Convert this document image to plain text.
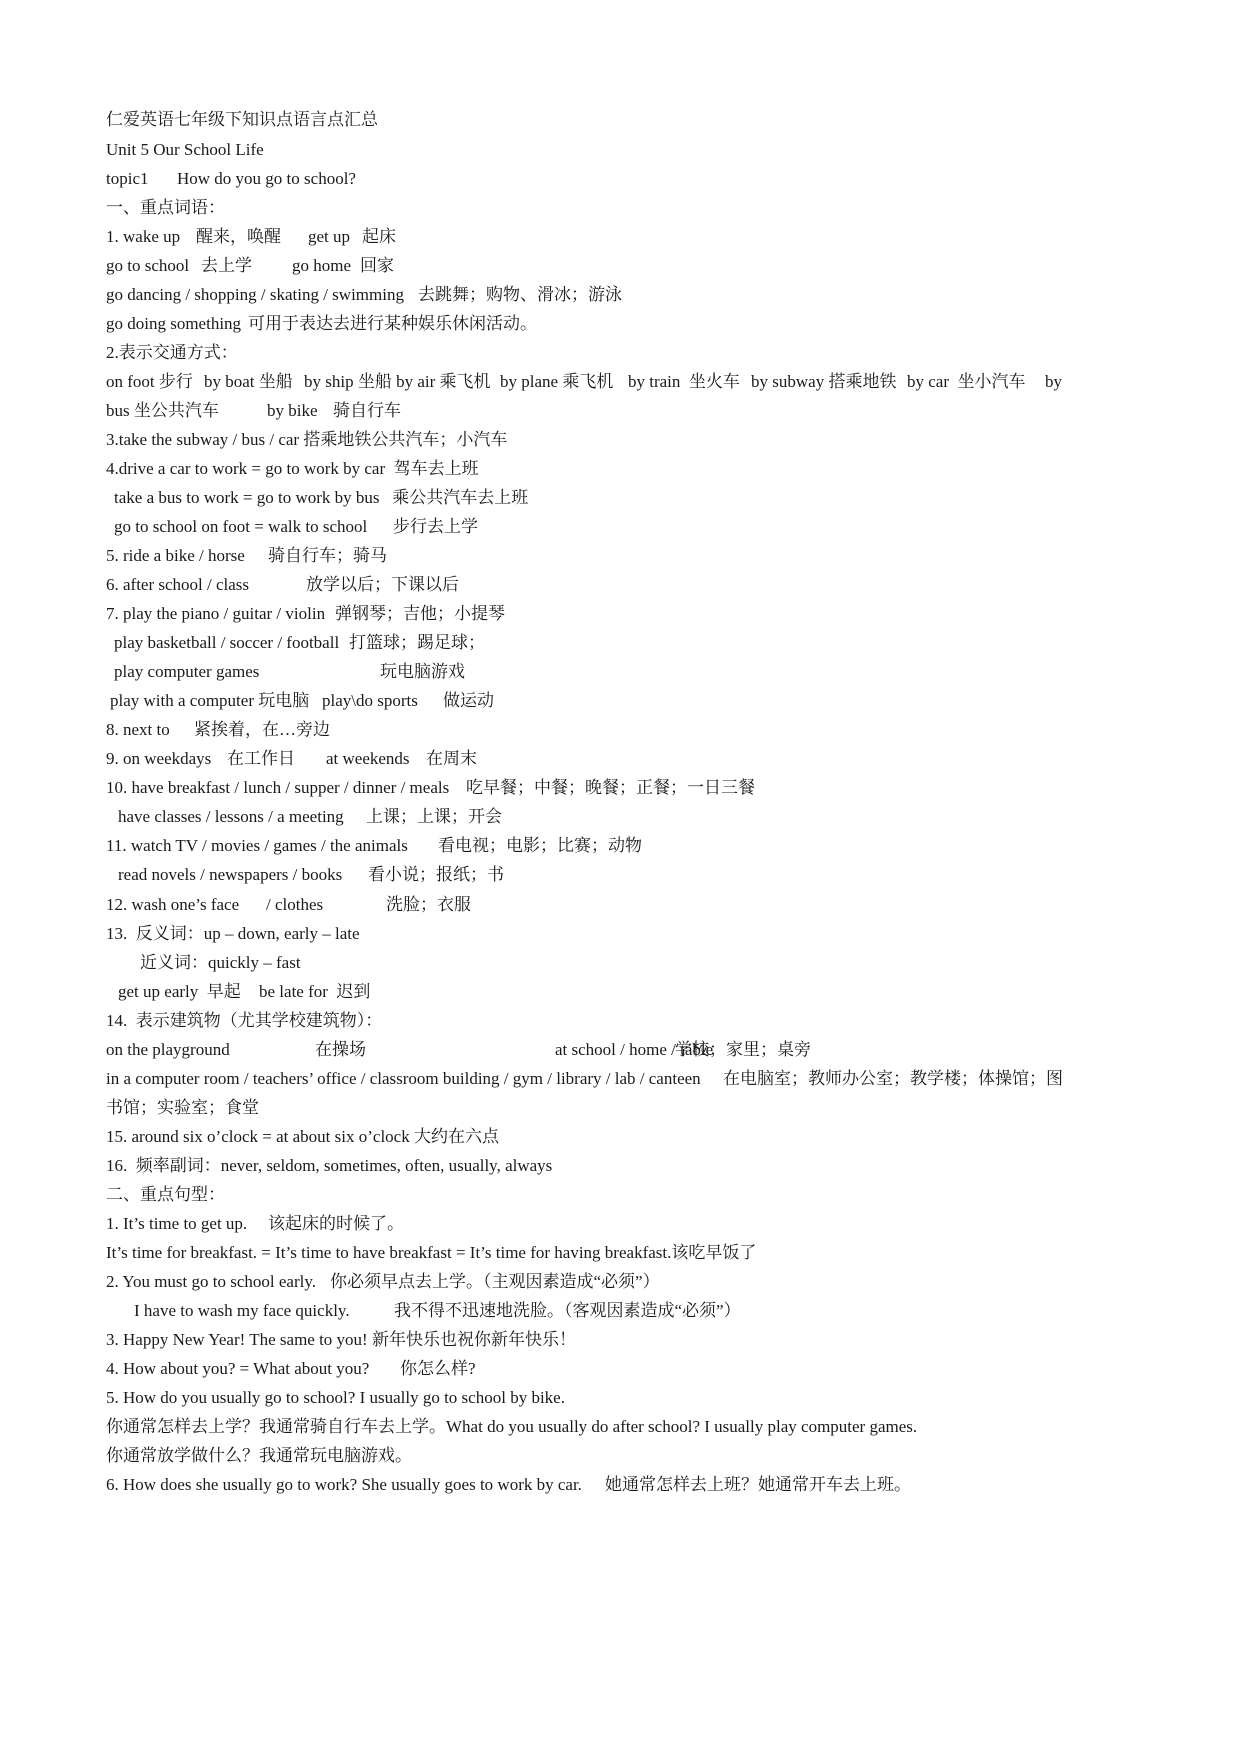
仁爱英语七年级下知识点语言点汇总
Unit 5 Our School Life
topic1 How do you go to school?
一、重点词语：
1. wake up 醒来，唤醒 get up 起床
go to school 去上学 go home 回家
go dancing / shopping / skating / swimming 去跳舞；购物、滑冰；游泳
go doing something 可用于表达去进行某种娱乐休闲活动。
2.表示交通方式：
on foot 步行 by boat 坐船 by ship 坐船 by air 乘飞机 by plane 乘飞机 by train  坐火车 by subway 搭乘地铁 by car  坐小汽车 by
bus 坐公共汽车	by bike 骑自行车
3.take the subway / bus / car 搭乘地铁公共汽车；小汽车
4.drive a car to work = go to work by car  驾车去上班
take a bus to work = go to work by bus   乘公共汽车去上班
go to school on foot = walk to school 步行去上学
5. ride a bike / horse 骑自行车；骑马
6. after school / class	放学以后；下课以后
7. play the piano / guitar / violin 弹钢琴；吉他；小提琴
play basketball / soccer / football 打篮球；踢足球；
play computer games	玩电脑游戏
play with a computer 玩电脑 play\do sports 做运动
8. next to 紧挨着，在…旁边
9. on weekdays 在工作日 at weekends 在周末
10. have breakfast / lunch / supper / dinner / meals 吃早餐；中餐；晚餐；正餐；一日三餐
have classes / lessons / a meeting 上课；上课；开会
11. watch TV / movies / games / the animals 看电视；电影；比赛；动物
read novels / newspapers / books 看小说；报纸；书
12. wash one’s face / clothes	洗脸；衣服
13.  反义词：up – down, early – late
近义词：quickly – fast
get up early  早起 be late for  迟到
14.  表示建筑物（尤其学校建筑物）：
on the playground	在操场	at school / home / table
学校；家里；桌旁
in a computer room / teachers’ office / classroom building / gym / library / lab / canteen 在电脑室；教师办公室；教学楼；体操馆；图
书馆；实验室；食堂
15. around six o’clock = at about six o’clock 大约在六点
16.  频率副词：never, seldom, sometimes, often, usually, always
二、重点句型：
1. It’s time to get up. 该起床的时候了。
It’s time for breakfast. = It’s time to have breakfast = It’s time for having breakfast.该吃早饭了
2. You must go to school early. 你必须早点去上学。（主观因素造成“必须”）
I have to wash my face quickly.	我不得不迅速地洗脸。（客观因素造成“必须”）
3. Happy New Year! The same to you! 新年快乐也祝你新年快乐！
4. How about you? = What about you? 你怎么样?
5. How do you usually go to school? I usually go to school by bike.
你通常怎样去上学？我通常骑自行车去上学。What do you usually do after school? I usually play computer games.
你通常放学做什么？我通常玩电脑游戏。
6. How does she usually go to work? She usually goes to work by car. 她通常怎样去上班？她通常开车去上班。
